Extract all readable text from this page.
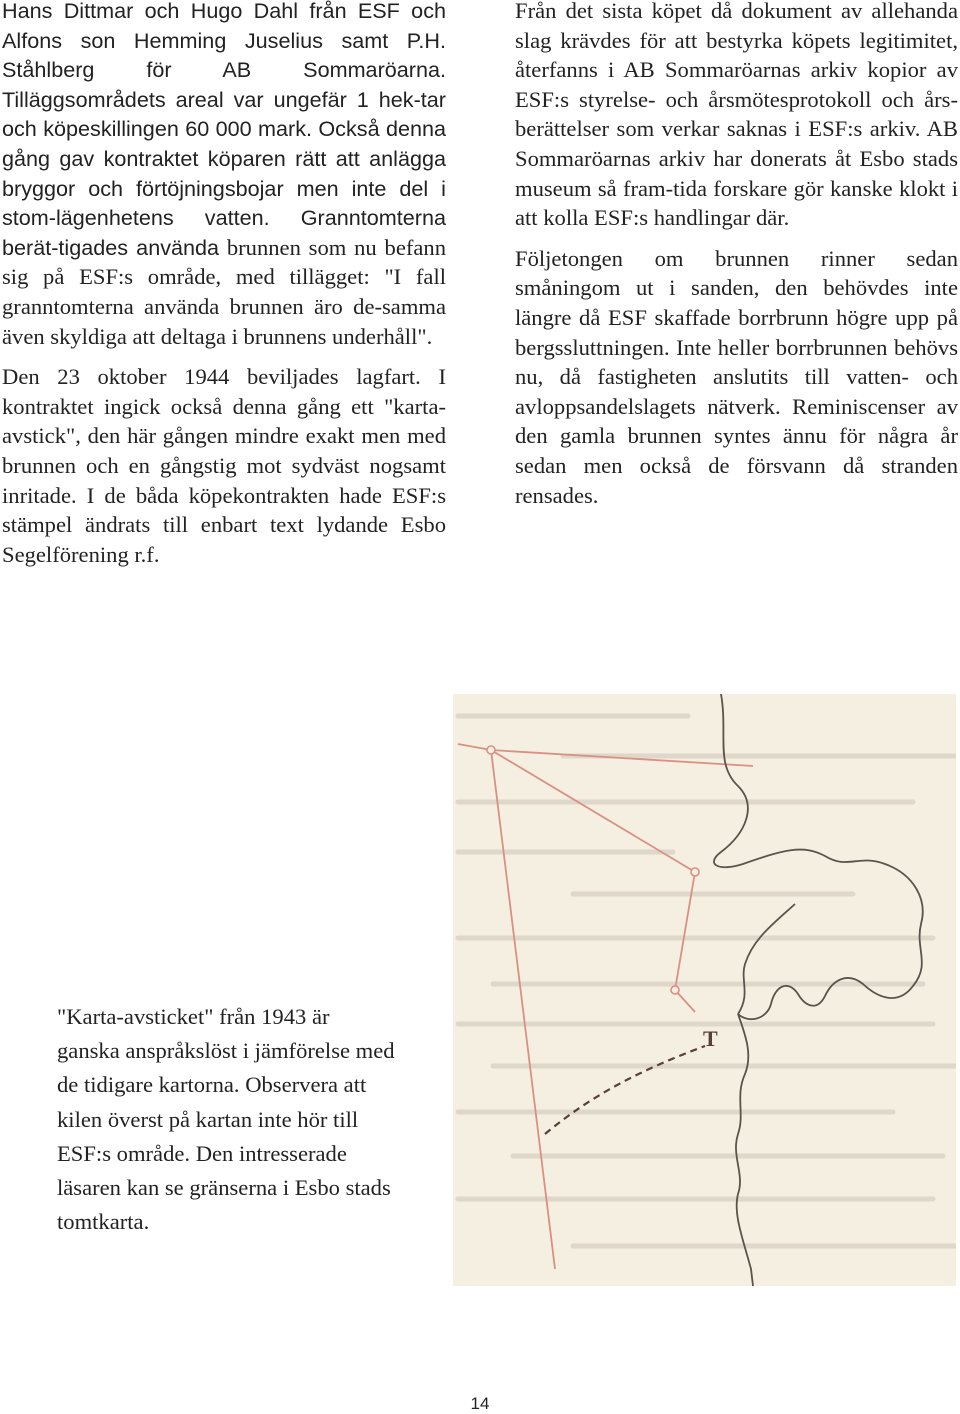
Hans Dittmar och Hugo Dahl från ESF och Alfons son Hemming Juselius samt P.H. Ståhlberg för AB Sommaröarna. Tilläggsområdets areal var ungefär 1 hek-tar och köpeskillingen 60 000 mark. Också denna gång gav kontraktet köparen rätt att anlägga bryggor och förtöjningsbojar men inte del i stom-lägenhetens vatten. Granntomterna berät-tigades använda brunnen som nu befann sig på ESF:s område, med tillägget: "I fall granntomterna använda brunnen äro de-samma även skyldiga att deltaga i brunnens underhåll".

Den 23 oktober 1944 beviljades lagfart. I kontraktet ingick också denna gång ett "karta-avstick", den här gången mindre exakt men med brunnen och en gångstig mot sydväst nogsamt inritade. I de båda köpekontrakten hade ESF:s stämpel ändrats till enbart text lydande Esbo Segelförening r.f.

Från det sista köpet då dokument av allehanda slag krävdes för att bestyrka köpets legitimitet, återfanns i AB Sommaröarnas arkiv kopior av ESF:s styrelse- och årsmötesprotokoll och års-berättelser som verkar saknas i ESF:s arkiv. AB Sommaröarnas arkiv har donerats åt Esbo stads museum så fram-tida forskare gör kanske klokt i att kolla ESF:s handlingar där.

Följetongen om brunnen rinner sedan småningom ut i sanden, den behövdes inte längre då ESF skaffade borrbrunn högre upp på bergssluttningen. Inte heller borrbrunnen behövs nu, då fastigheten anslutits till vatten- och avloppsandelslagets nätverk. Reminiscenser av den gamla brunnen syntes ännu för några år sedan men också de försvann då stranden rensades.

T

"Karta-avsticket" från 1943 är ganska anspråkslöst i jämförelse med de tidigare kartorna. Observera att kilen överst på kartan inte hör till ESF:s område. Den intresserade läsaren kan se gränserna i Esbo stads tomtkarta.

14
